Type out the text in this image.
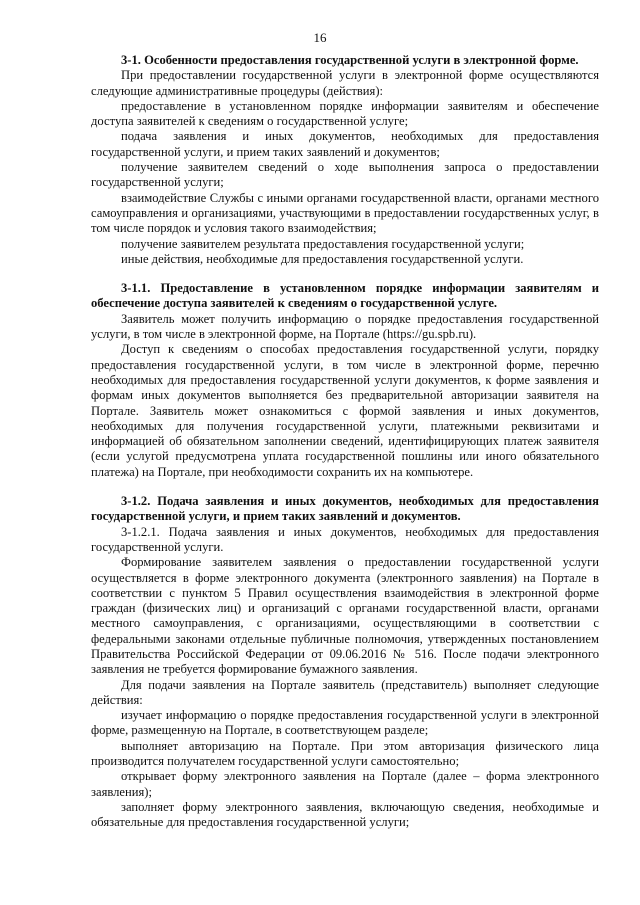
16

3-1. Особенности предоставления государственной услуги в электронной форме.

При предоставлении государственной услуги в электронной форме осуществляются следующие административные процедуры (действия):

предоставление в установленном порядке информации заявителям и обеспечение доступа заявителей к сведениям о государственной услуге;

подача заявления и иных документов, необходимых для предоставления государственной услуги, и прием таких заявлений и документов;

получение заявителем сведений о ходе выполнения запроса о предоставлении государственной услуги;

взаимодействие Службы с иными органами государственной власти, органами местного самоуправления и организациями, участвующими в предоставлении государственных услуг, в том числе порядок и условия такого взаимодействия;

получение заявителем результата предоставления государственной услуги;

иные действия, необходимые для предоставления государственной услуги.

3-1.1. Предоставление в установленном порядке информации заявителям и обеспечение доступа заявителей к сведениям о государственной услуге.

Заявитель может получить информацию о порядке предоставления государственной услуги, в том числе в электронной форме, на Портале (https://gu.spb.ru).

Доступ к сведениям о способах предоставления государственной услуги, порядку предоставления государственной услуги, в том числе в электронной форме, перечню необходимых для предоставления государственной услуги документов, к форме заявления и формам иных документов выполняется без предварительной авторизации заявителя на Портале. Заявитель может ознакомиться с формой заявления и иных документов, необходимых для получения государственной услуги, платежными реквизитами и информацией об обязательном заполнении сведений, идентифицирующих платеж заявителя (если услугой предусмотрена уплата государственной пошлины или иного обязательного платежа) на Портале, при необходимости сохранить их на компьютере.

3-1.2. Подача заявления и иных документов, необходимых для предоставления государственной услуги, и прием таких заявлений и документов.

3-1.2.1. Подача заявления и иных документов, необходимых для предоставления государственной услуги.

Формирование заявителем заявления о предоставлении государственной услуги осуществляется в форме электронного документа (электронного заявления) на Портале в соответствии с пунктом 5 Правил осуществления взаимодействия в электронной форме граждан (физических лиц) и организаций с органами государственной власти, органами местного самоуправления, с организациями, осуществляющими в соответствии с федеральными законами отдельные публичные полномочия, утвержденных постановлением Правительства Российской Федерации от 09.06.2016 № 516. После подачи электронного заявления не требуется формирование бумажного заявления.

Для подачи заявления на Портале заявитель (представитель) выполняет следующие действия:

изучает информацию о порядке предоставления государственной услуги в электронной форме, размещенную на Портале, в соответствующем разделе;

выполняет авторизацию на Портале. При этом авторизация физического лица производится получателем государственной услуги самостоятельно;

открывает форму электронного заявления на Портале (далее – форма электронного заявления);

заполняет форму электронного заявления, включающую сведения, необходимые и обязательные для предоставления государственной услуги;
